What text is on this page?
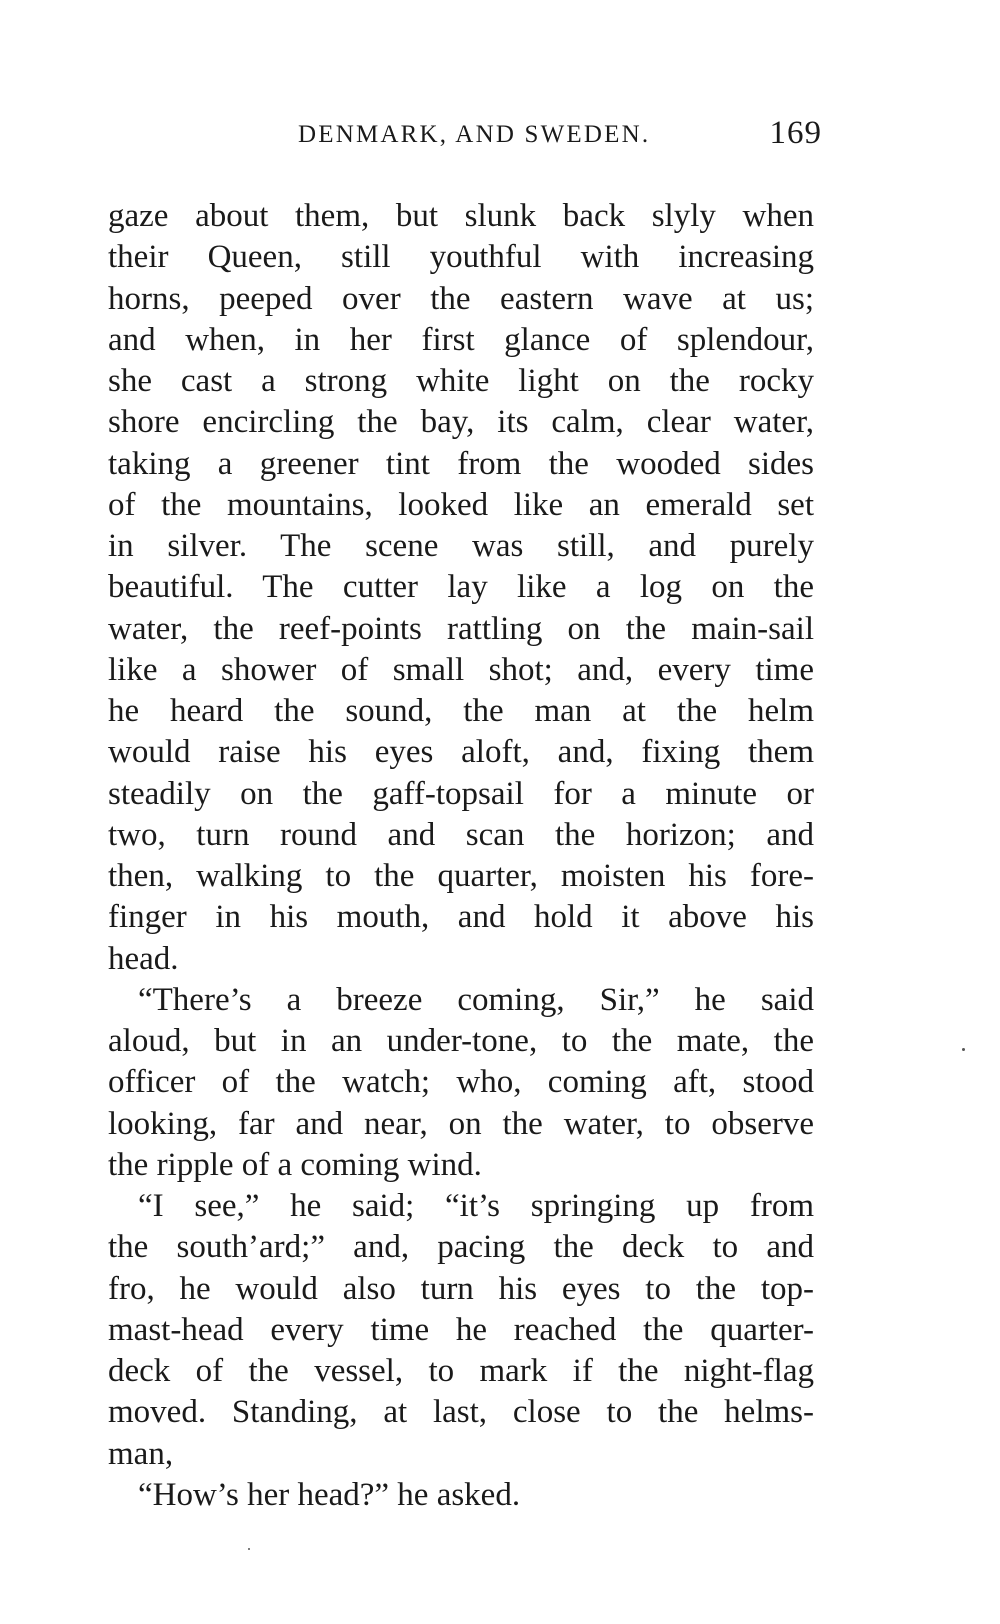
DENMARK, AND SWEDEN.	169
gaze about them, but slunk back slyly when
their Queen, still youthful with increasing
horns, peeped over the eastern wave at us;
and when, in her first glance of splendour,
she cast a strong white light on the rocky
shore encircling the bay, its calm, clear water,
taking a greener tint from the wooded sides
of the mountains, looked like an emerald set
in silver. The scene was still, and purely
beautiful. The cutter lay like a log on the
water, the reef-points rattling on the main-sail
like a shower of small shot; and, every time
he heard the sound, the man at the helm
would raise his eyes aloft, and, fixing them
steadily on the gaff-topsail for a minute or
two, turn round and scan the horizon; and
then, walking to the quarter, moisten his fore-
finger in his mouth, and hold it above his
head.
“There’s a breeze coming, Sir,” he said
aloud, but in an under-tone, to the mate, the
officer of the watch; who, coming aft, stood
looking, far and near, on the water, to observe
the ripple of a coming wind.
“I see,” he said; “it’s springing up from
the south’ard;” and, pacing the deck to and
fro, he would also turn his eyes to the top-
mast-head every time he reached the quarter-
deck of the vessel, to mark if the night-flag
moved. Standing, at last, close to the helms-
man,
“How’s her head?” he asked.
